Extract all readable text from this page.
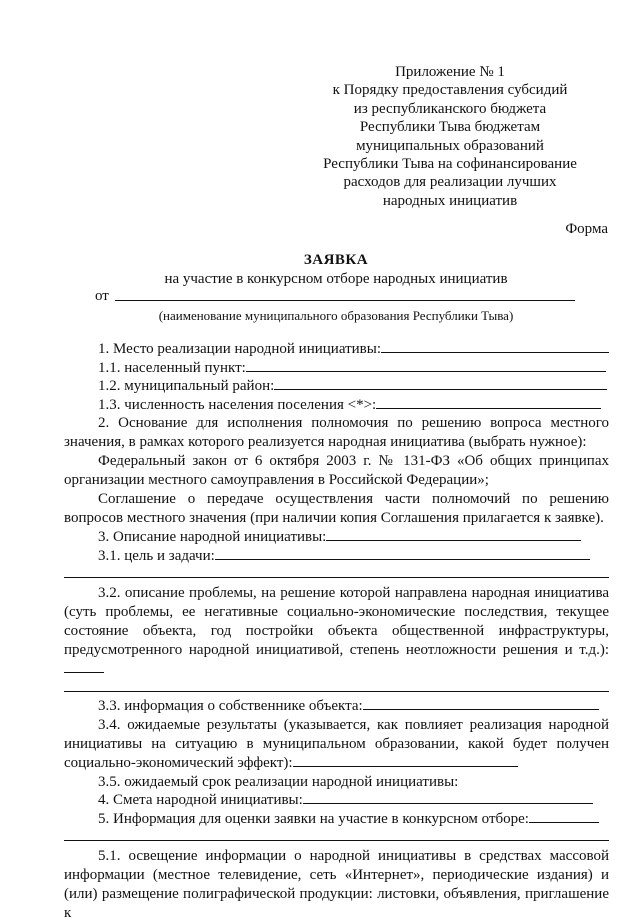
Приложение № 1
к Порядку предоставления субсидий
из республиканского бюджета
Республики Тыва бюджетам
муниципальных образований
Республики Тыва на софинансирование
расходов для реализации лучших
народных инициатив
Форма
ЗАЯВКА
на участие в конкурсном отборе народных инициатив
от
(наименование муниципального образования Республики Тыва)
1. Место реализации народной инициативы:
1.1. населенный пункт:
1.2. муниципальный район:
1.3. численность населения поселения <*>:
2. Основание для исполнения полномочия по решению вопроса местного значения, в рамках которого реализуется народная инициатива (выбрать нужное):
Федеральный закон от 6 октября 2003 г. № 131-ФЗ «Об общих принципах организации местного самоуправления в Российской Федерации»;
Соглашение о передаче осуществления части полномочий по решению вопросов местного значения (при наличии копия Соглашения прилагается к заявке).
3. Описание народной инициативы:
3.1. цель и задачи:
3.2. описание проблемы, на решение которой направлена народная инициатива (суть проблемы, ее негативные социально-экономические последствия, текущее состояние объекта, год постройки объекта общественной инфраструктуры, предусмотренного народной инициативой, степень неотложности решения и т.д.):
3.3. информация о собственнике объекта:
3.4. ожидаемые результаты (указывается, как повлияет реализация народной инициативы на ситуацию в муниципальном образовании, какой будет получен социально-экономический эффект):
3.5. ожидаемый срок реализации народной инициативы:
4. Смета народной инициативы:
5. Информация для оценки заявки на участие в конкурсном отборе:
5.1. освещение информации о народной инициативы в средствах массовой информации (местное телевидение, сеть «Интернет», периодические издания) и (или) размещение полиграфической продукции: листовки, объявления, приглашение к
